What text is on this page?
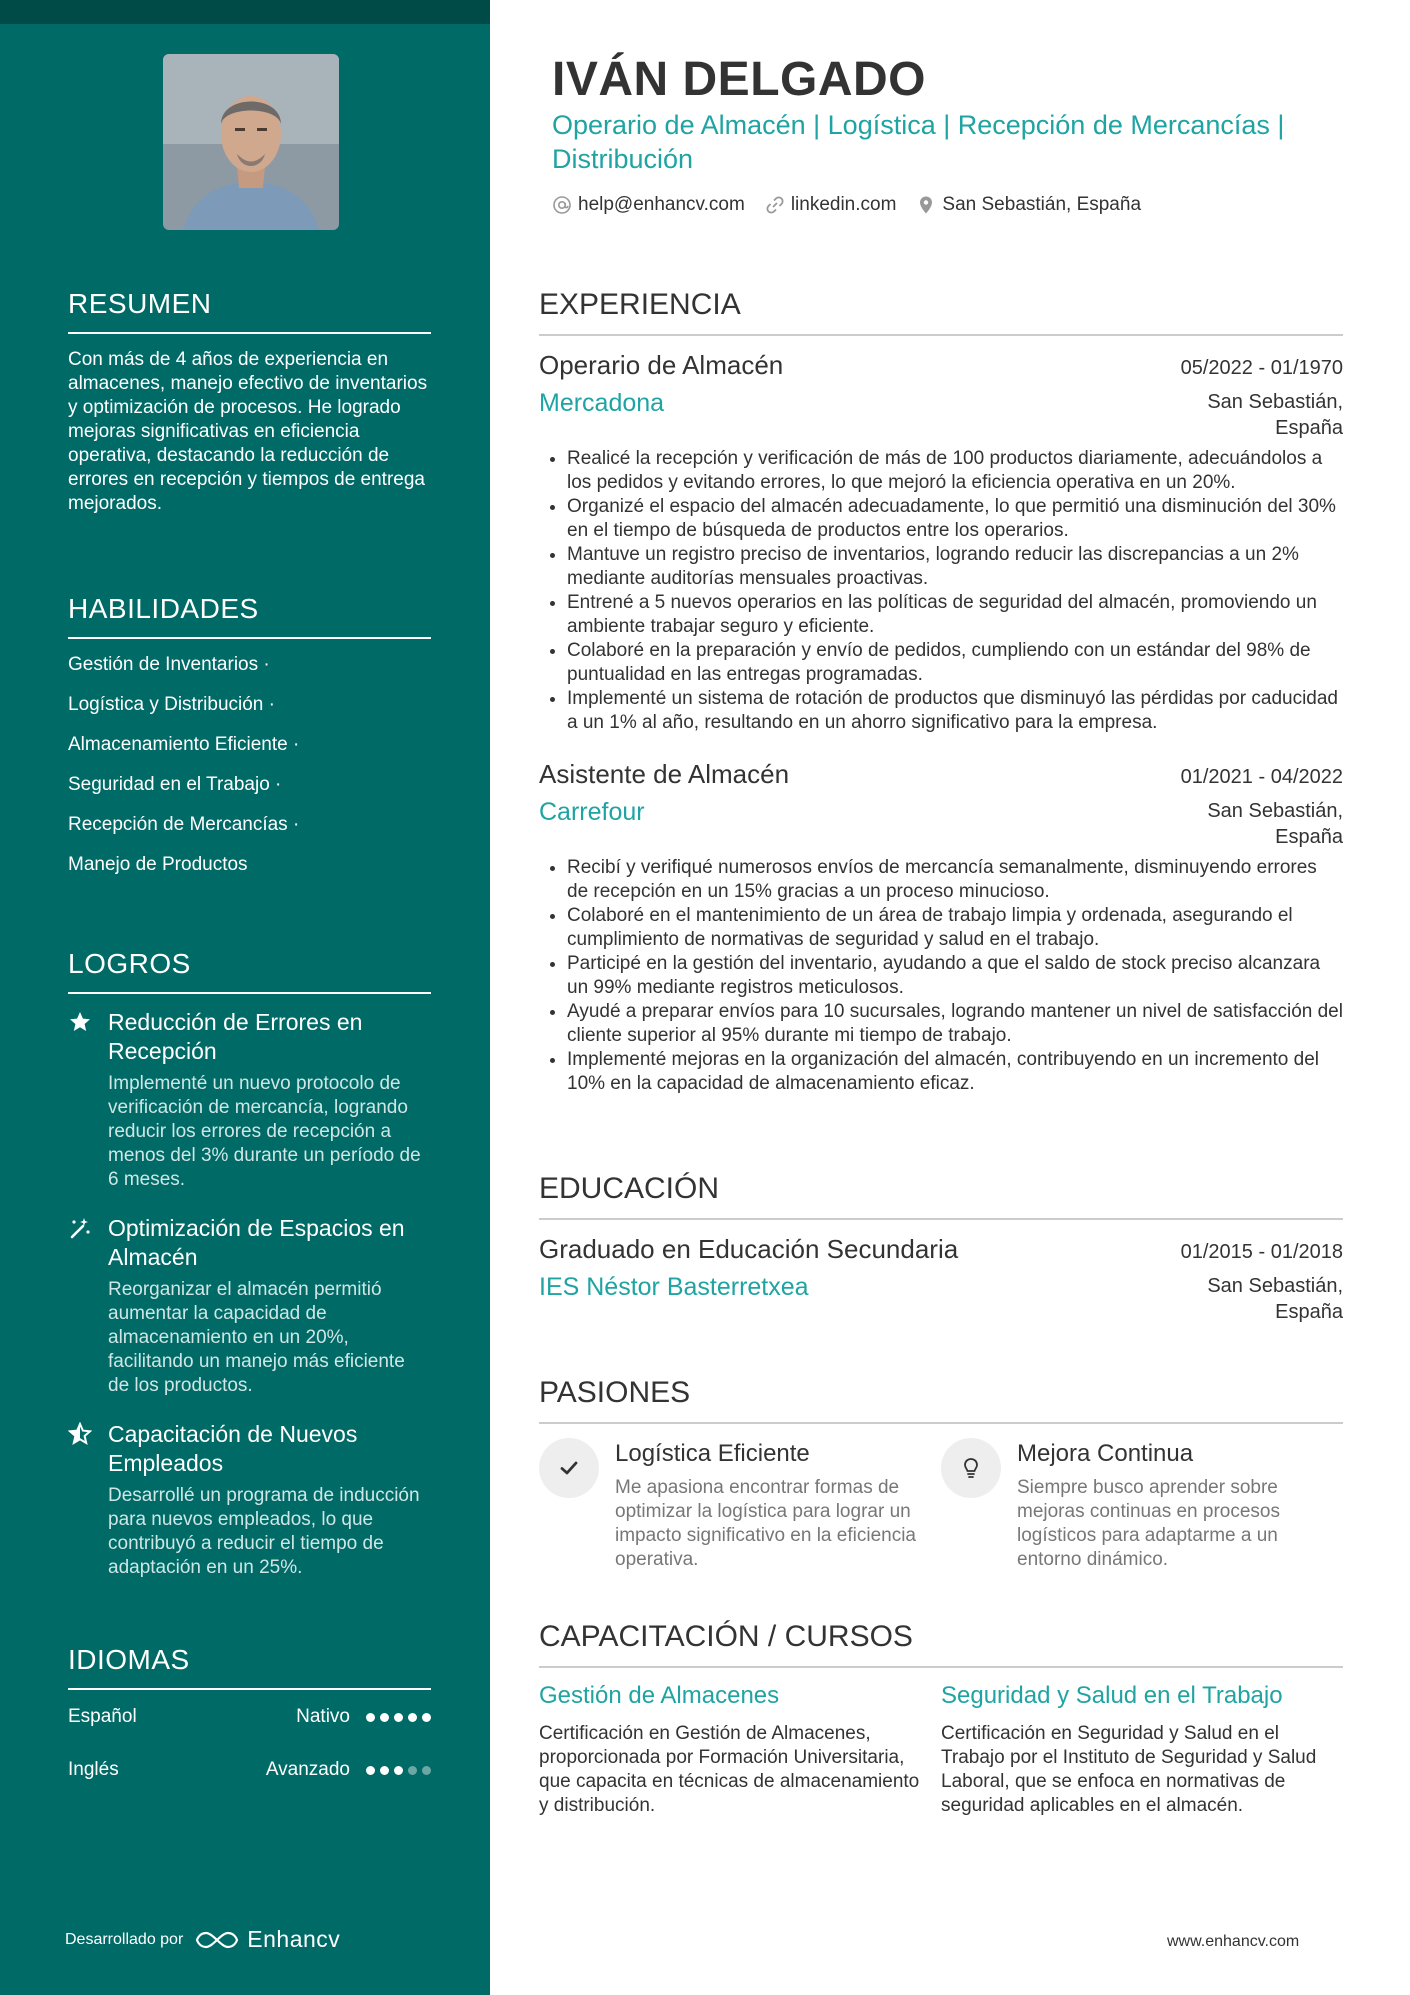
RESUMEN
Con más de 4 años de experiencia en almacenes, manejo efectivo de inventarios y optimización de procesos. He logrado mejoras significativas en eficiencia operativa, destacando la reducción de errores en recepción y tiempos de entrega mejorados.
HABILIDADES
Gestión de Inventarios ·
Logística y Distribución ·
Almacenamiento Eficiente ·
Seguridad en el Trabajo ·
Recepción de Mercancías ·
Manejo de Productos
LOGROS
Reducción de Errores en Recepción
Implementé un nuevo protocolo de verificación de mercancía, logrando reducir los errores de recepción a menos del 3% durante un período de 6 meses.
Optimización de Espacios en Almacén
Reorganizar el almacén permitió aumentar la capacidad de almacenamiento en un 20%, facilitando un manejo más eficiente de los productos.
Capacitación de Nuevos Empleados
Desarrollé un programa de inducción para nuevos empleados, lo que contribuyó a reducir el tiempo de adaptación en un 25%.
IDIOMAS
Español	Nativo
Inglés	Avanzado
Desarrollado por	Enhancv
IVÁN DELGADO
Operario de Almacén | Logística | Recepción de Mercancías | Distribución
help@enhancv.com linkedin.com San Sebastián, España
EXPERIENCIA
Operario de Almacén	05/2022 - 01/1970
Mercadona	San Sebastián,
España
• Realicé la recepción y verificación de más de 100 productos diariamente, adecuándolos a los pedidos y evitando errores, lo que mejoró la eficiencia operativa en un 20%.
• Organizé el espacio del almacén adecuadamente, lo que permitió una disminución del 30% en el tiempo de búsqueda de productos entre los operarios.
• Mantuve un registro preciso de inventarios, logrando reducir las discrepancias a un 2% mediante auditorías mensuales proactivas.
• Entrené a 5 nuevos operarios en las políticas de seguridad del almacén, promoviendo un ambiente trabajar seguro y eficiente.
• Colaboré en la preparación y envío de pedidos, cumpliendo con un estándar del 98% de puntualidad en las entregas programadas.
• Implementé un sistema de rotación de productos que disminuyó las pérdidas por caducidad a un 1% al año, resultando en un ahorro significativo para la empresa.
Asistente de Almacén	01/2021 - 04/2022
Carrefour	San Sebastián,
España
• Recibí y verifiqué numerosos envíos de mercancía semanalmente, disminuyendo errores de recepción en un 15% gracias a un proceso minucioso.
• Colaboré en el mantenimiento de un área de trabajo limpia y ordenada, asegurando el cumplimiento de normativas de seguridad y salud en el trabajo.
• Participé en la gestión del inventario, ayudando a que el saldo de stock preciso alcanzara un 99% mediante registros meticulosos.
• Ayudé a preparar envíos para 10 sucursales, logrando mantener un nivel de satisfacción del cliente superior al 95% durante mi tiempo de trabajo.
• Implementé mejoras en la organización del almacén, contribuyendo en un incremento del 10% en la capacidad de almacenamiento eficaz.
EDUCACIÓN
Graduado en Educación Secundaria	01/2015 - 01/2018
IES Néstor Basterretxea	San Sebastián,
España
PASIONES
Logística Eficiente
Me apasiona encontrar formas de optimizar la logística para lograr un impacto significativo en la eficiencia operativa.
Mejora Continua
Siempre busco aprender sobre mejoras continuas en procesos logísticos para adaptarme a un entorno dinámico.
CAPACITACIÓN / CURSOS
Gestión de Almacenes
Certificación en Gestión de Almacenes, proporcionada por Formación Universitaria, que capacita en técnicas de almacenamiento y distribución.
Seguridad y Salud en el Trabajo
Certificación en Seguridad y Salud en el Trabajo por el Instituto de Seguridad y Salud Laboral, que se enfoca en normativas de seguridad aplicables en el almacén.
www.enhancv.com
